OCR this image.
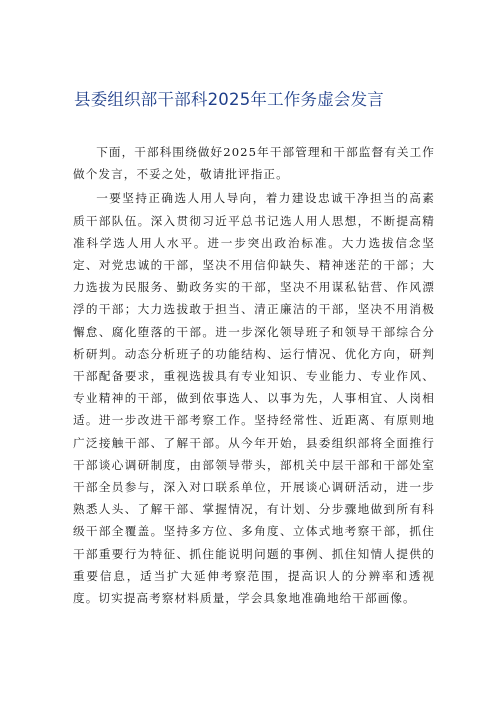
县委组织部干部科2025年工作务虚会发言

下面，干部科围绕做好2025年干部管理和干部监督有关工作做个发言，不妥之处，敬请批评指正。

一要坚持正确选人用人导向，着力建设忠诚干净担当的高素质干部队伍。深入贯彻习近平总书记选人用人思想，不断提高精准科学选人用人水平。进一步突出政治标准。大力选拔信念坚定、对党忠诚的干部，坚决不用信仰缺失、精神迷茫的干部；大力选拔为民服务、勤政务实的干部，坚决不用谋私钻营、作风漂浮的干部；大力选拔敢于担当、清正廉洁的干部，坚决不用消极懈怠、腐化堕落的干部。进一步深化领导班子和领导干部综合分析研判。动态分析班子的功能结构、运行情况、优化方向，研判干部配备要求，重视选拔具有专业知识、专业能力、专业作风、专业精神的干部，做到依事选人、以事为先，人事相宜、人岗相适。进一步改进干部考察工作。坚持经常性、近距离、有原则地广泛接触干部、了解干部。从今年开始，县委组织部将全面推行干部谈心调研制度，由部领导带头，部机关中层干部和干部处室干部全员参与，深入对口联系单位，开展谈心调研活动，进一步熟悉人头、了解干部、掌握情况，有计划、分步骤地做到所有科级干部全覆盖。坚持多方位、多角度、立体式地考察干部，抓住干部重要行为特征、抓住能说明问题的事例、抓住知情人提供的重要信息，适当扩大延伸考察范围，提高识人的分辨率和透视度。切实提高考察材料质量，学会具象地准确地给干部画像。
